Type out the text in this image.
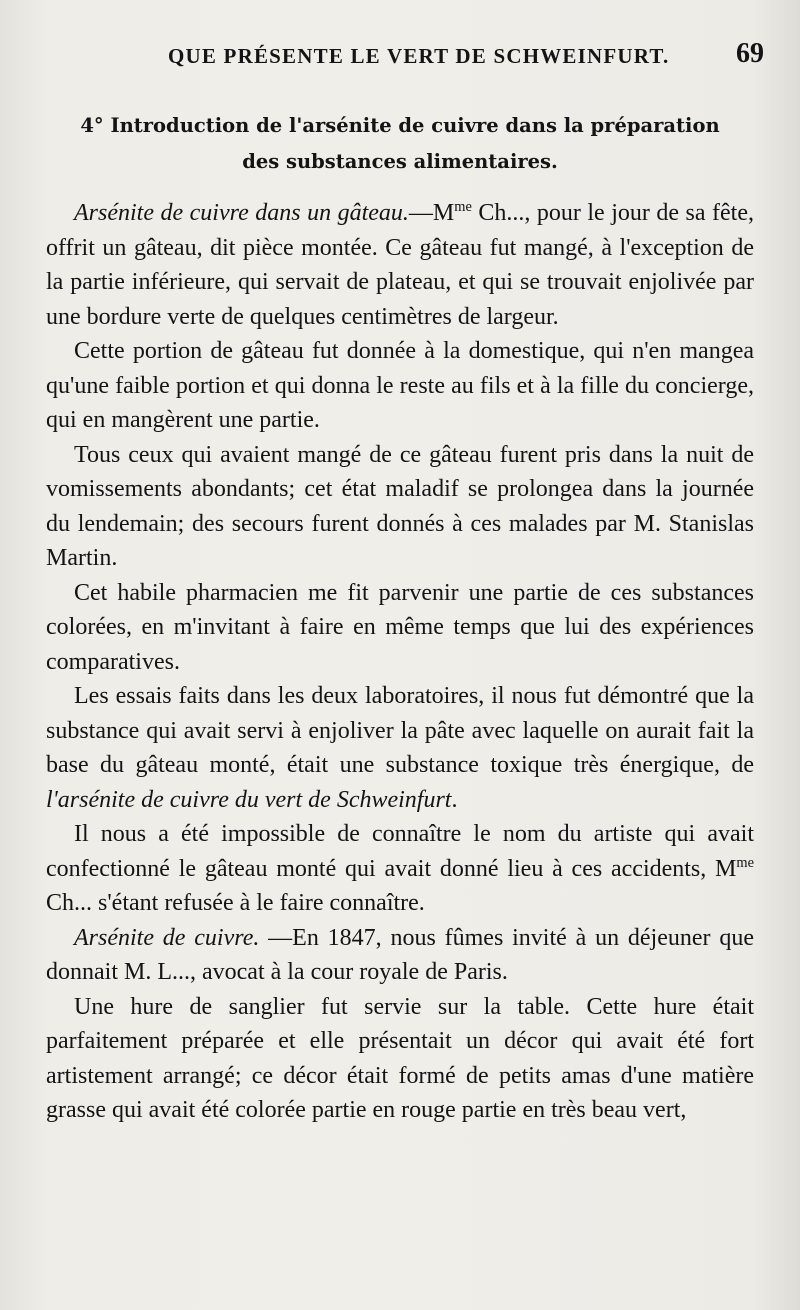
QUE PRÉSENTE LE VERT DE SCHWEINFURT. 69
4° Introduction de l'arsénite de cuivre dans la préparation
des substances alimentaires.

Arsénite de cuivre dans un $gâteau.—M^{me}$ Ch..., pour le jour de sa fête, offrit un gâteau, dit pièce montée. Ce gâteau fut mangé, à l'exception de la partie inférieure, qui servait de plateau, et qui se trouvait enjolivée par une bordure verte de quelques centimètres de largeur.

Cette portion de gâteau fut donnée à la domestique, qui n'en mangea qu'une faible portion et qui donna le reste au fils et à la fille du concierge, qui en mangèrent une partie.

Tous ceux qui avaient mangé de ce gâteau furent pris dans la nuit de vomissements abondants; cet état maladif se prolongea dans la journée du lendemain; des secours furent donnés à ces malades par M. Stanislas Martin.

Cet habile pharmacien me fit parvenir une partie de ces substances colorées, en m'invitant à faire en même temps que lui des expériences comparatives.

Les essais faits dans les deux laboratoires, il nous fut démontré que la substance qui avait servi à enjoliver la pâte avec laquelle on aurait fait la base du gâteau monté, était une substance toxique très énergique, de l'arsénite de cuivre du vert de Schweinfurt.

Il nous a été impossible de connaître le nom du artiste qui avait confectionné le gâteau monté qui avait donné lieu à ces accidents, $M^{me}$ Ch... s'étant refusée à le faire connaître.

Arsénite de cuivre. —En 1847, nous fûmes invité à un déjeuner que donnait M. L..., avocat à la cour royale de Paris.

Une hure de sanglier fut servie sur la table. Cette hure était parfaitement préparée et elle présentait un décor qui avait été fort artistement arrangé; ce décor était formé de petits amas d'une matière grasse qui avait été colorée partie en rouge partie en très beau vert,
